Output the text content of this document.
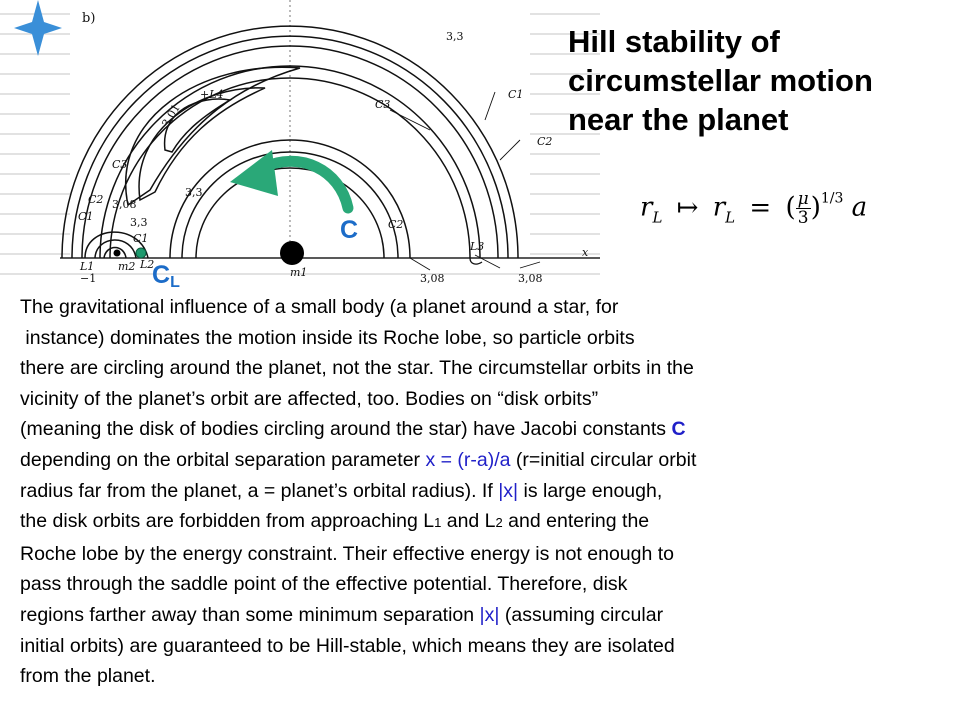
b)
3,3
C1
C3
C2
+L4
3,01
C3
C2 3,08
C1	3,3
C1
3,3
C2
L3
3,08	3,08
L1 m2 L2
−1	m1
x
C
CL
Hill stability of
circumstellar motion
near the planet
$r_L$ ↦ $r_L$ = ( $\frac{\mu}{3} )^{1/3}$ a

The gravitational influence of a small body (a planet around a star, for
instance) dominates the motion inside its Roche lobe, so particle orbits
there are circling around the planet, not the star. The circumstellar orbits in the
vicinity of the planet’s orbit are affected, too. Bodies on “disk orbits”
(meaning the disk of bodies circling around the star) have Jacobi constants C
depending on the orbital separation parameter x = (r-a)/a (r=initial circular orbit
radius far from the planet, a = planet’s orbital radius). If |x| is large enough,
the disk orbits are forbidden from approaching L1 and L2 and entering the
Roche lobe by the energy constraint. Their effective energy is not enough to
pass through the saddle point of the effective potential. Therefore, disk
regions farther away than some minimum separation |x| (assuming circular
initial orbits) are guaranteed to be Hill-stable, which means they are isolated
from the planet.
